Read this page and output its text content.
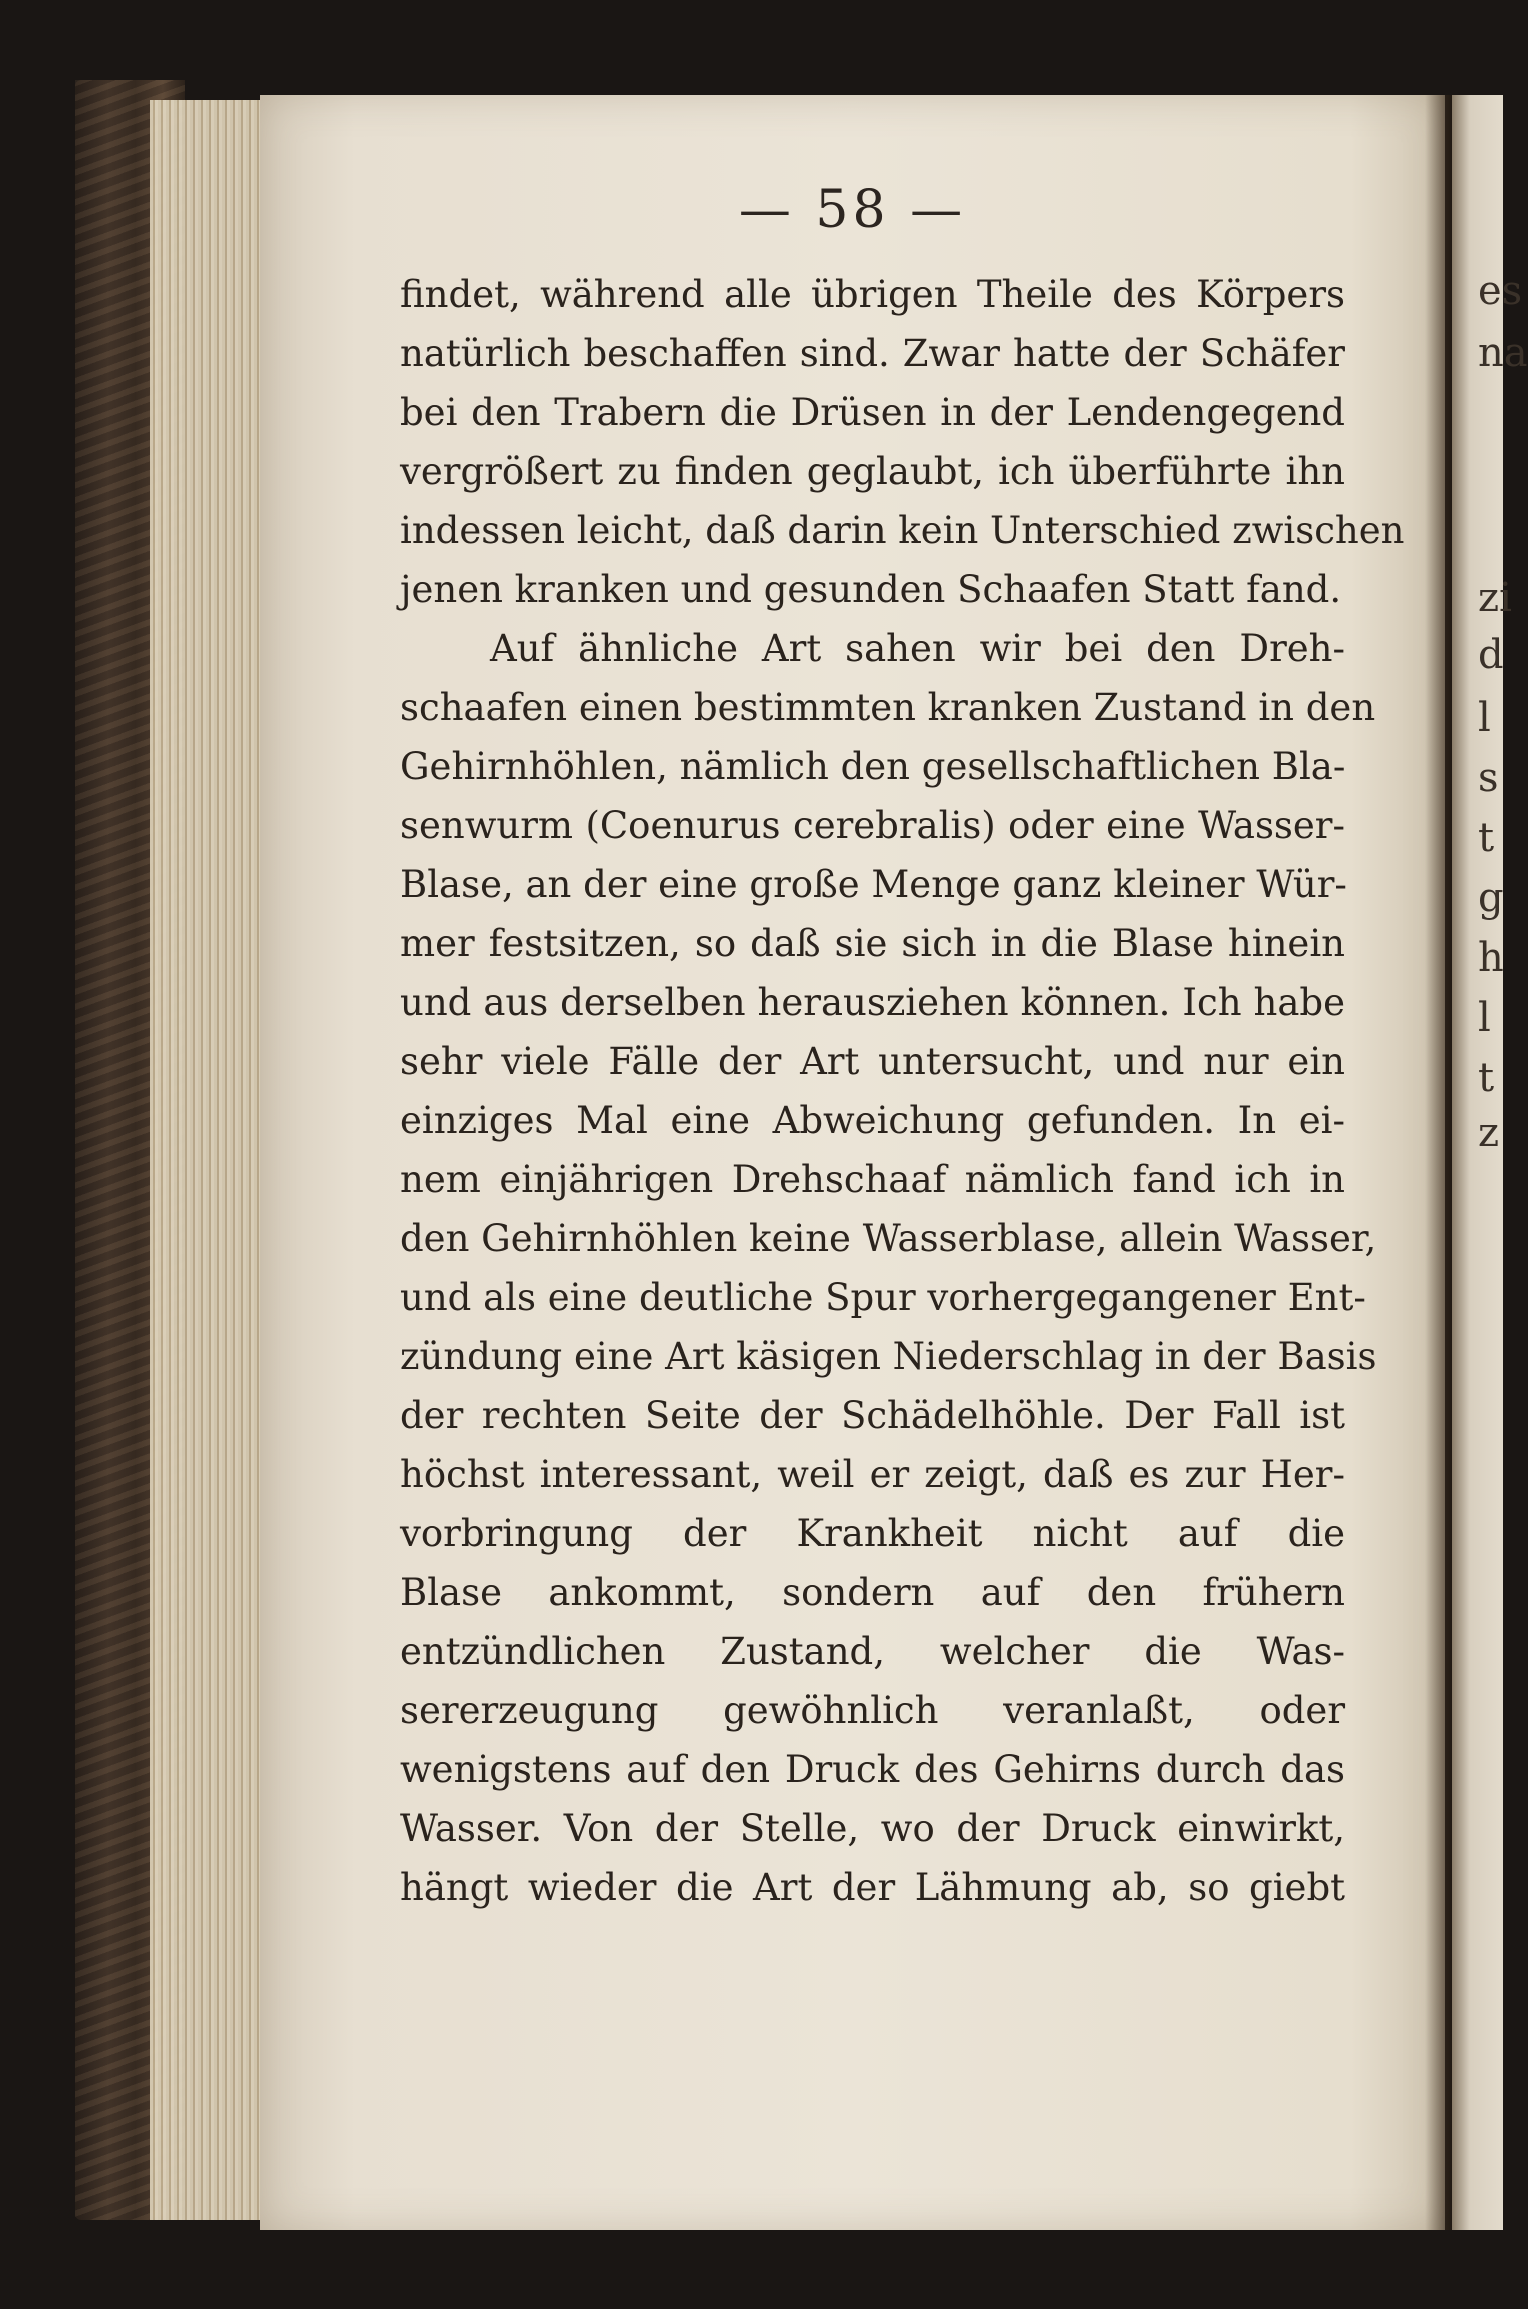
es
na
zi
d
l
s
t
g
h
l
t
z
— 58 —
findet, während alle übrigen Theile des Körpers
natürlich beschaffen sind. Zwar hatte der Schäfer
bei den Trabern die Drüsen in der Lendengegend
vergrößert zu finden geglaubt, ich überführte ihn
indessen leicht, daß darin kein Unterschied zwischen
jenen kranken und gesunden Schaafen Statt fand.
Auf ähnliche Art sahen wir bei den Dreh-
schaafen einen bestimmten kranken Zustand in den
Gehirnhöhlen, nämlich den gesellschaftlichen Bla-
senwurm (Coenurus cerebralis) oder eine Wasser-
Blase, an der eine große Menge ganz kleiner Wür-
mer festsitzen, so daß sie sich in die Blase hinein
und aus derselben herausziehen können. Ich habe
sehr viele Fälle der Art untersucht, und nur ein
einziges Mal eine Abweichung gefunden. In ei-
nem einjährigen Drehschaaf nämlich fand ich in
den Gehirnhöhlen keine Wasserblase, allein Wasser,
und als eine deutliche Spur vorhergegangener Ent-
zündung eine Art käsigen Niederschlag in der Basis
der rechten Seite der Schädelhöhle. Der Fall ist
höchst interessant, weil er zeigt, daß es zur Her-
vorbringung der Krankheit nicht auf die
Blase ankommt, sondern auf den frühern
entzündlichen Zustand, welcher die Was-
sererzeugung gewöhnlich veranlaßt, oder
wenigstens auf den Druck des Gehirns durch das
Wasser. Von der Stelle, wo der Druck einwirkt,
hängt wieder die Art der Lähmung ab, so giebt
